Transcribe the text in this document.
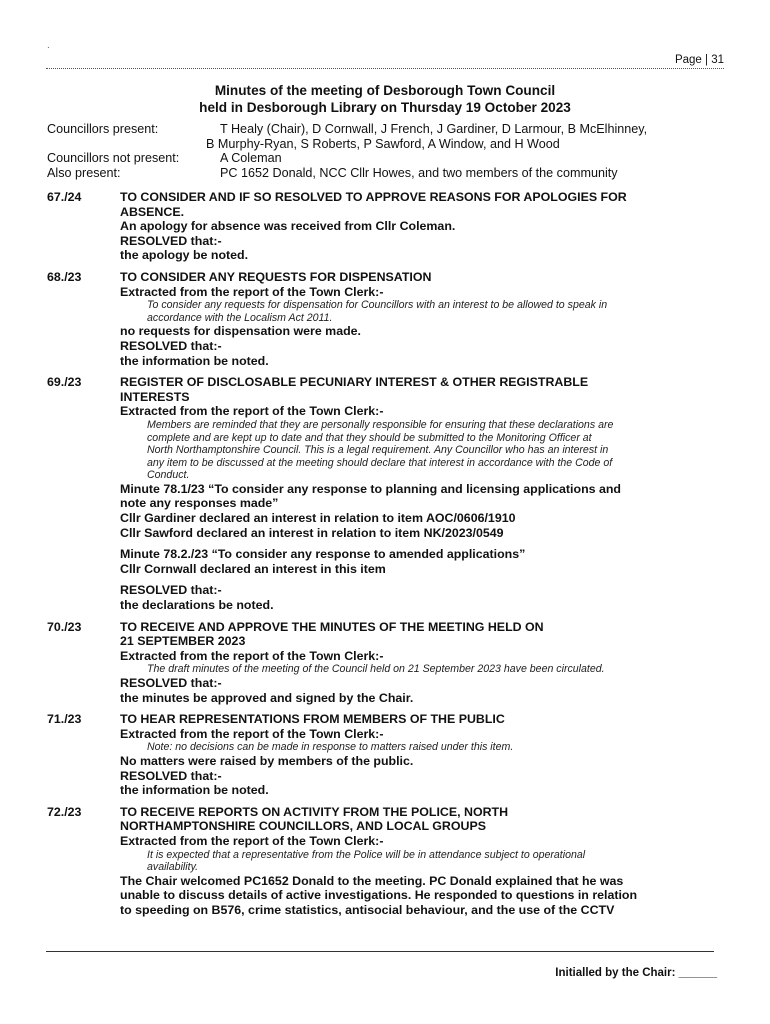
.
Page | 31
Minutes of the meeting of Desborough Town Council
held in Desborough Library on Thursday 19 October 2023
Councillors present:	T Healy (Chair), D Cornwall, J French, J Gardiner, D Larmour, B McElhinney,
B Murphy-Ryan, S Roberts, P Sawford, A Window, and H Wood
Councillors not present:	A Coleman
Also present:	PC 1652 Donald, NCC Cllr Howes, and two members of the community
67./24	TO CONSIDER AND IF SO RESOLVED TO APPROVE REASONS FOR APOLOGIES FOR
ABSENCE.
An apology for absence was received from Cllr Coleman.
RESOLVED that:-
the apology be noted.
68./23	TO CONSIDER ANY REQUESTS FOR DISPENSATION
Extracted from the report of the Town Clerk:-
To consider any requests for dispensation for Councillors with an interest to be allowed to speak in
accordance with the Localism Act 2011.
no requests for dispensation were made.
RESOLVED that:-
the information be noted.
69./23	REGISTER OF DISCLOSABLE PECUNIARY INTEREST & OTHER REGISTRABLE
INTERESTS
Extracted from the report of the Town Clerk:-
Members are reminded that they are personally responsible for ensuring that these declarations are
complete and are kept up to date and that they should be submitted to the Monitoring Officer at
North Northamptonshire Council. This is a legal requirement. Any Councillor who has an interest in
any item to be discussed at the meeting should declare that interest in accordance with the Code of
Conduct.
Minute 78.1/23 “To consider any response to planning and licensing applications and
note any responses made”
Cllr Gardiner declared an interest in relation to item AOC/0606/1910
Cllr Sawford declared an interest in relation to item NK/2023/0549
Minute 78.2./23 “To consider any response to amended applications”
Cllr Cornwall declared an interest in this item
RESOLVED that:-
the declarations be noted.
70./23	TO RECEIVE AND APPROVE THE MINUTES OF THE MEETING HELD ON
21 SEPTEMBER 2023
Extracted from the report of the Town Clerk:-
The draft minutes of the meeting of the Council held on 21 September 2023 have been circulated.
RESOLVED that:-
the minutes be approved and signed by the Chair.
71./23	TO HEAR REPRESENTATIONS FROM MEMBERS OF THE PUBLIC
Extracted from the report of the Town Clerk:-
Note: no decisions can be made in response to matters raised under this item.
No matters were raised by members of the public.
RESOLVED that:-
the information be noted.
72./23	TO RECEIVE REPORTS ON ACTIVITY FROM THE POLICE, NORTH
NORTHAMPTONSHIRE COUNCILLORS, AND LOCAL GROUPS
Extracted from the report of the Town Clerk:-
It is expected that a representative from the Police will be in attendance subject to operational
availability.
The Chair welcomed PC1652 Donald to the meeting. PC Donald explained that he was
unable to discuss details of active investigations. He responded to questions in relation
to speeding on B576, crime statistics, antisocial behaviour, and the use of the CCTV
Initialled by the Chair: ______
